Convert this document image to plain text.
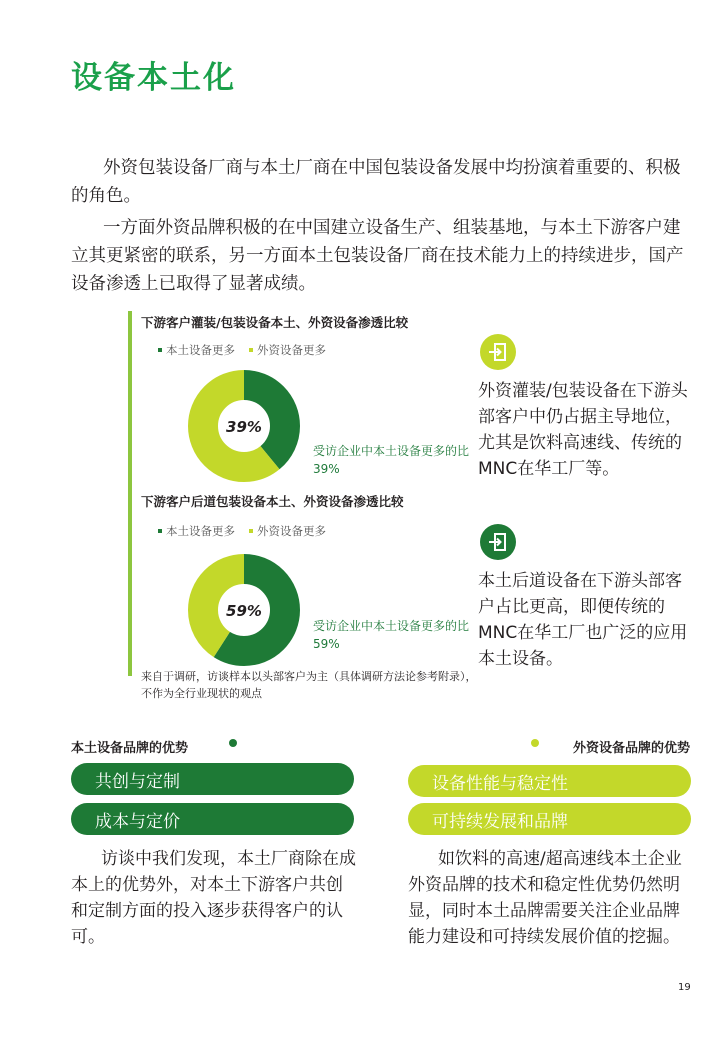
设备本土化
外资包装设备厂商与本土厂商在中国包装设备发展中均扮演着重要的、积极的角色。
一方面外资品牌积极的在中国建立设备生产、组装基地，与本土下游客户建立其更紧密的联系，另一方面本土包装设备厂商在技术能力上的持续进步，国产设备渗透上已取得了显著成绩。
下游客户灌装/包装设备本土、外资设备渗透比较
本土设备更多 外资设备更多
39%
受访企业中本土设备更多的比39%
下游客户后道包装设备本土、外资设备渗透比较
本土设备更多 外资设备更多
59%
受访企业中本土设备更多的比59%
来自于调研，访谈样本以头部客户为主（具体调研方法论参考附录），不作为全行业现状的观点
外资灌装/包装设备在下游头部客户中仍占据主导地位，尤其是饮料高速线、传统的MNC在华工厂等。
本土后道设备在下游头部客户占比更高，即便传统的MNC在华工厂也广泛的应用本土设备。
本土设备品牌的优势	外资设备品牌的优势
共创与定制
成本与定价
设备性能与稳定性
可持续发展和品牌
访谈中我们发现，本土厂商除在成本上的优势外，对本土下游客户共创和定制方面的投入逐步获得客户的认可。
如饮料的高速/超高速线本土企业外资品牌的技术和稳定性优势仍然明显，同时本土品牌需要关注企业品牌能力建设和可持续发展价值的挖掘。
19
